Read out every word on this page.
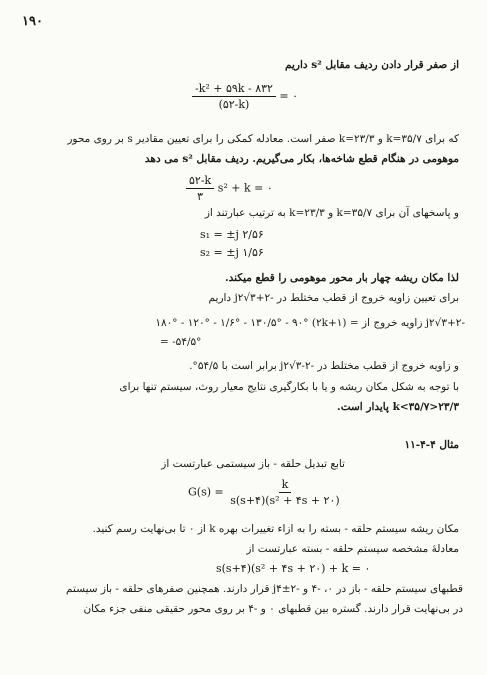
۱۹۰
از صفر قرار دادن ردیف مقابل s² داریم
$\frac{\text{-k² + ۵۹k - ۸۳۲}}{(۵۲-k)}$ = ۰
که برای k=۳۵/۷ و k=۲۳/۳ صفر است. معادله کمکی را برای تعیین مقادیر s بر روی محور
موهومی در هنگام قطع شاخه‌ها، بکار می‌گیریم. ردیف مقابل s² می دهد
$\frac{۵۲-k}{۳} s^2 + k$ = ۰
و پاسخهای آن برای k=۳۵/۷ و k=۲۳/۳ به ترتیب عبارتند از
s₁ = ±j ۲/۵۶
s₂ = ±j ۱/۵۶
لذا مکان ریشه چهار بار محور موهومی را قطع میکند.
برای تعیین زاویه خروج از قطب مختلط در -۲+j۲√۳ داریم
-۲+j۲√۳ زاویه خروج از = (۲k+۱) ۱۸۰° - ۱۲۰° - ۱/۶° - ۱۳۰/۵° - ۹۰°
= -۵۴/۵°
و زاویه خروج از قطب مختلط در -۲-j۲√۳ برابر است با ۵۴/۵°.
با توجه به شکل مکان ریشه و یا با بکارگیری نتایج معیار روث، سیستم تنها برای
۲۳/۳<k<۳۵/۷ پایدار است.
مثال ۴-۴-۱۱
تابع تبدیل حلقه - باز سیستمی عبارتست از
$G(s) = \frac{k}{\text{s(s+۴)(s² + ۴s + ۲۰)}}$
مکان ریشه سیستم حلقه - بسته را به ازاء تغییرات بهره k از ۰ تا بی‌نهایت رسم کنید.
معادلهٔ مشخصه سیستم حلقه - بسته عبارتست از
s(s+۴)(s² + ۴s + ۲۰) + k = ۰
قطبهای سیستم حلقه - باز در ۰، -۴ و -۲±j۴ قرار دارند. همچنین صفرهای حلقه - باز سیستم
در بی‌نهایت قرار دارند. گستره بین قطبهای ۰ و -۴ بر روی محور حقیقی منفی جزء مکان
